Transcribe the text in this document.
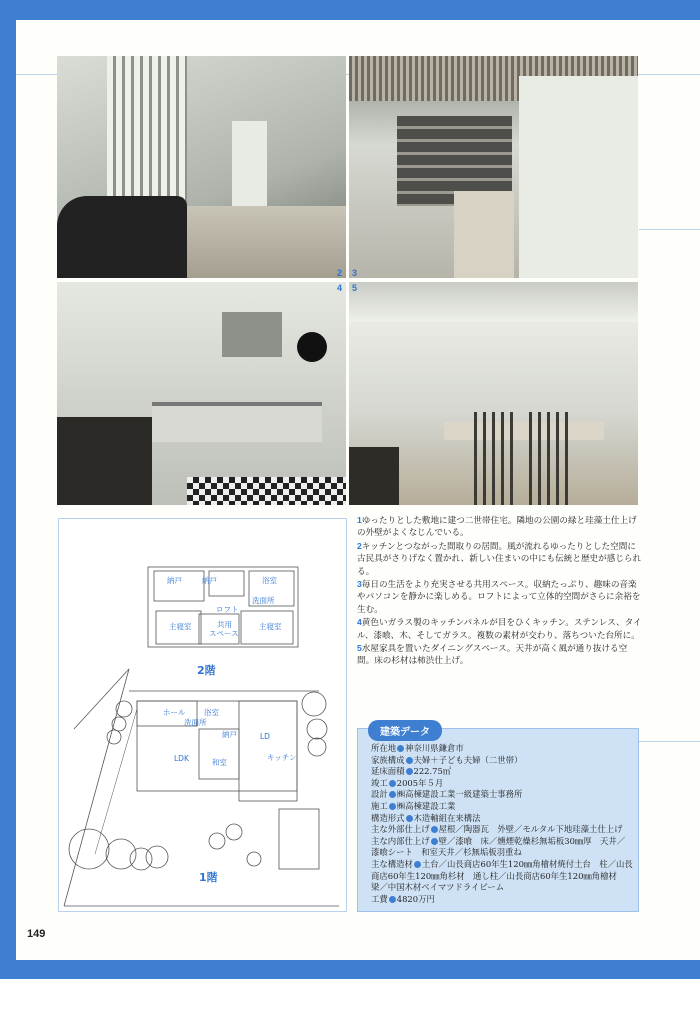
2 3
4 5
納戸	納戸	浴室
洗面所
ロフト
共用
スペース
主寝室	主寝室
2階
ホール 浴室
洗面所
納戸	LD
LDK	和室
キッチン
1階

1ゆったりとした敷地に建つ二世帯住宅。隣地の公園の緑と珪藻土仕上げの外壁がよくなじんでいる。

2キッチンとつながった間取りの居間。風が流れるゆったりとした空間に古民具がさりげなく置かれ、新しい住まいの中にも伝統と歴史が感じられる。

3毎日の生活をより充実させる共用スペース。収納たっぷり、趣味の音楽やパソコンを静かに楽しめる。ロフトによって立体的空間がさらに余裕を生む。

4黄色いガラス製のキッチンパネルが目をひくキッチン。ステンレス、タイル、漆喰、木、そしてガラス。複数の素材が交わり、落ちついた台所に。

5水屋家具を置いたダイニングスペース。天井が高く風が通り抜ける空間。床の杉材は柿渋仕上げ。

建築データ
所在地 神奈川県鎌倉市
家族構成 夫婦＋子ども夫婦（二世帯）
延床面積 222.75㎡
竣工 2005年５月
設計 ㈱高棟建設工業一級建築士事務所
施工 ㈱高棟建設工業
構造形式 木造軸組在来構法
主な外部仕上げ 屋根／陶器瓦　外壁／モルタル下地珪藻土仕上げ
主な内部仕上げ 壁／漆喰　床／燻煙乾燥杉無垢板30㎜厚　天井／漆喰シート　和室天井／杉無垢板羽重ね
主な構造材 土台／山長商店60年生120㎜角檜材焼付土台　柱／山長商店60年生120㎜角杉材　通し柱／山長商店60年生120㎜角檜材　梁／中国木材ベイマツドライビーム
工費 4820万円
149
